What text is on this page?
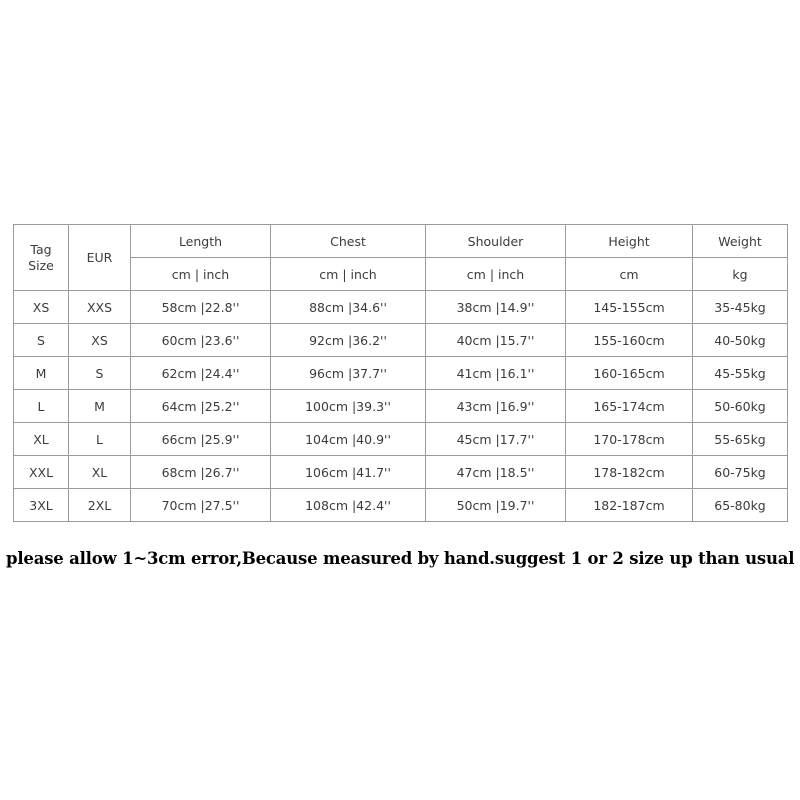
Tag
Size	EUR	Length	Chest	Shoulder	Height	Weight
		cm | inch	cm | inch	cm | inch	cm	kg
XS	XXS	58cm |22.8''	88cm |34.6''	38cm |14.9''	145-155cm	35-45kg
S	XS	60cm |23.6''	92cm |36.2''	40cm |15.7''	155-160cm	40-50kg
M	S	62cm |24.4''	96cm |37.7''	41cm |16.1''	160-165cm	45-55kg
L	M	64cm |25.2''	100cm |39.3''	43cm |16.9''	165-174cm	50-60kg
XL	L	66cm |25.9''	104cm |40.9''	45cm |17.7''	170-178cm	55-65kg
XXL	XL	68cm |26.7''	106cm |41.7''	47cm |18.5''	178-182cm	60-75kg
3XL	2XL	70cm |27.5''	108cm |42.4''	50cm |19.7''	182-187cm	65-80kg
please allow 1~3cm error,Because measured by hand.suggest 1 or 2 size up than usual
